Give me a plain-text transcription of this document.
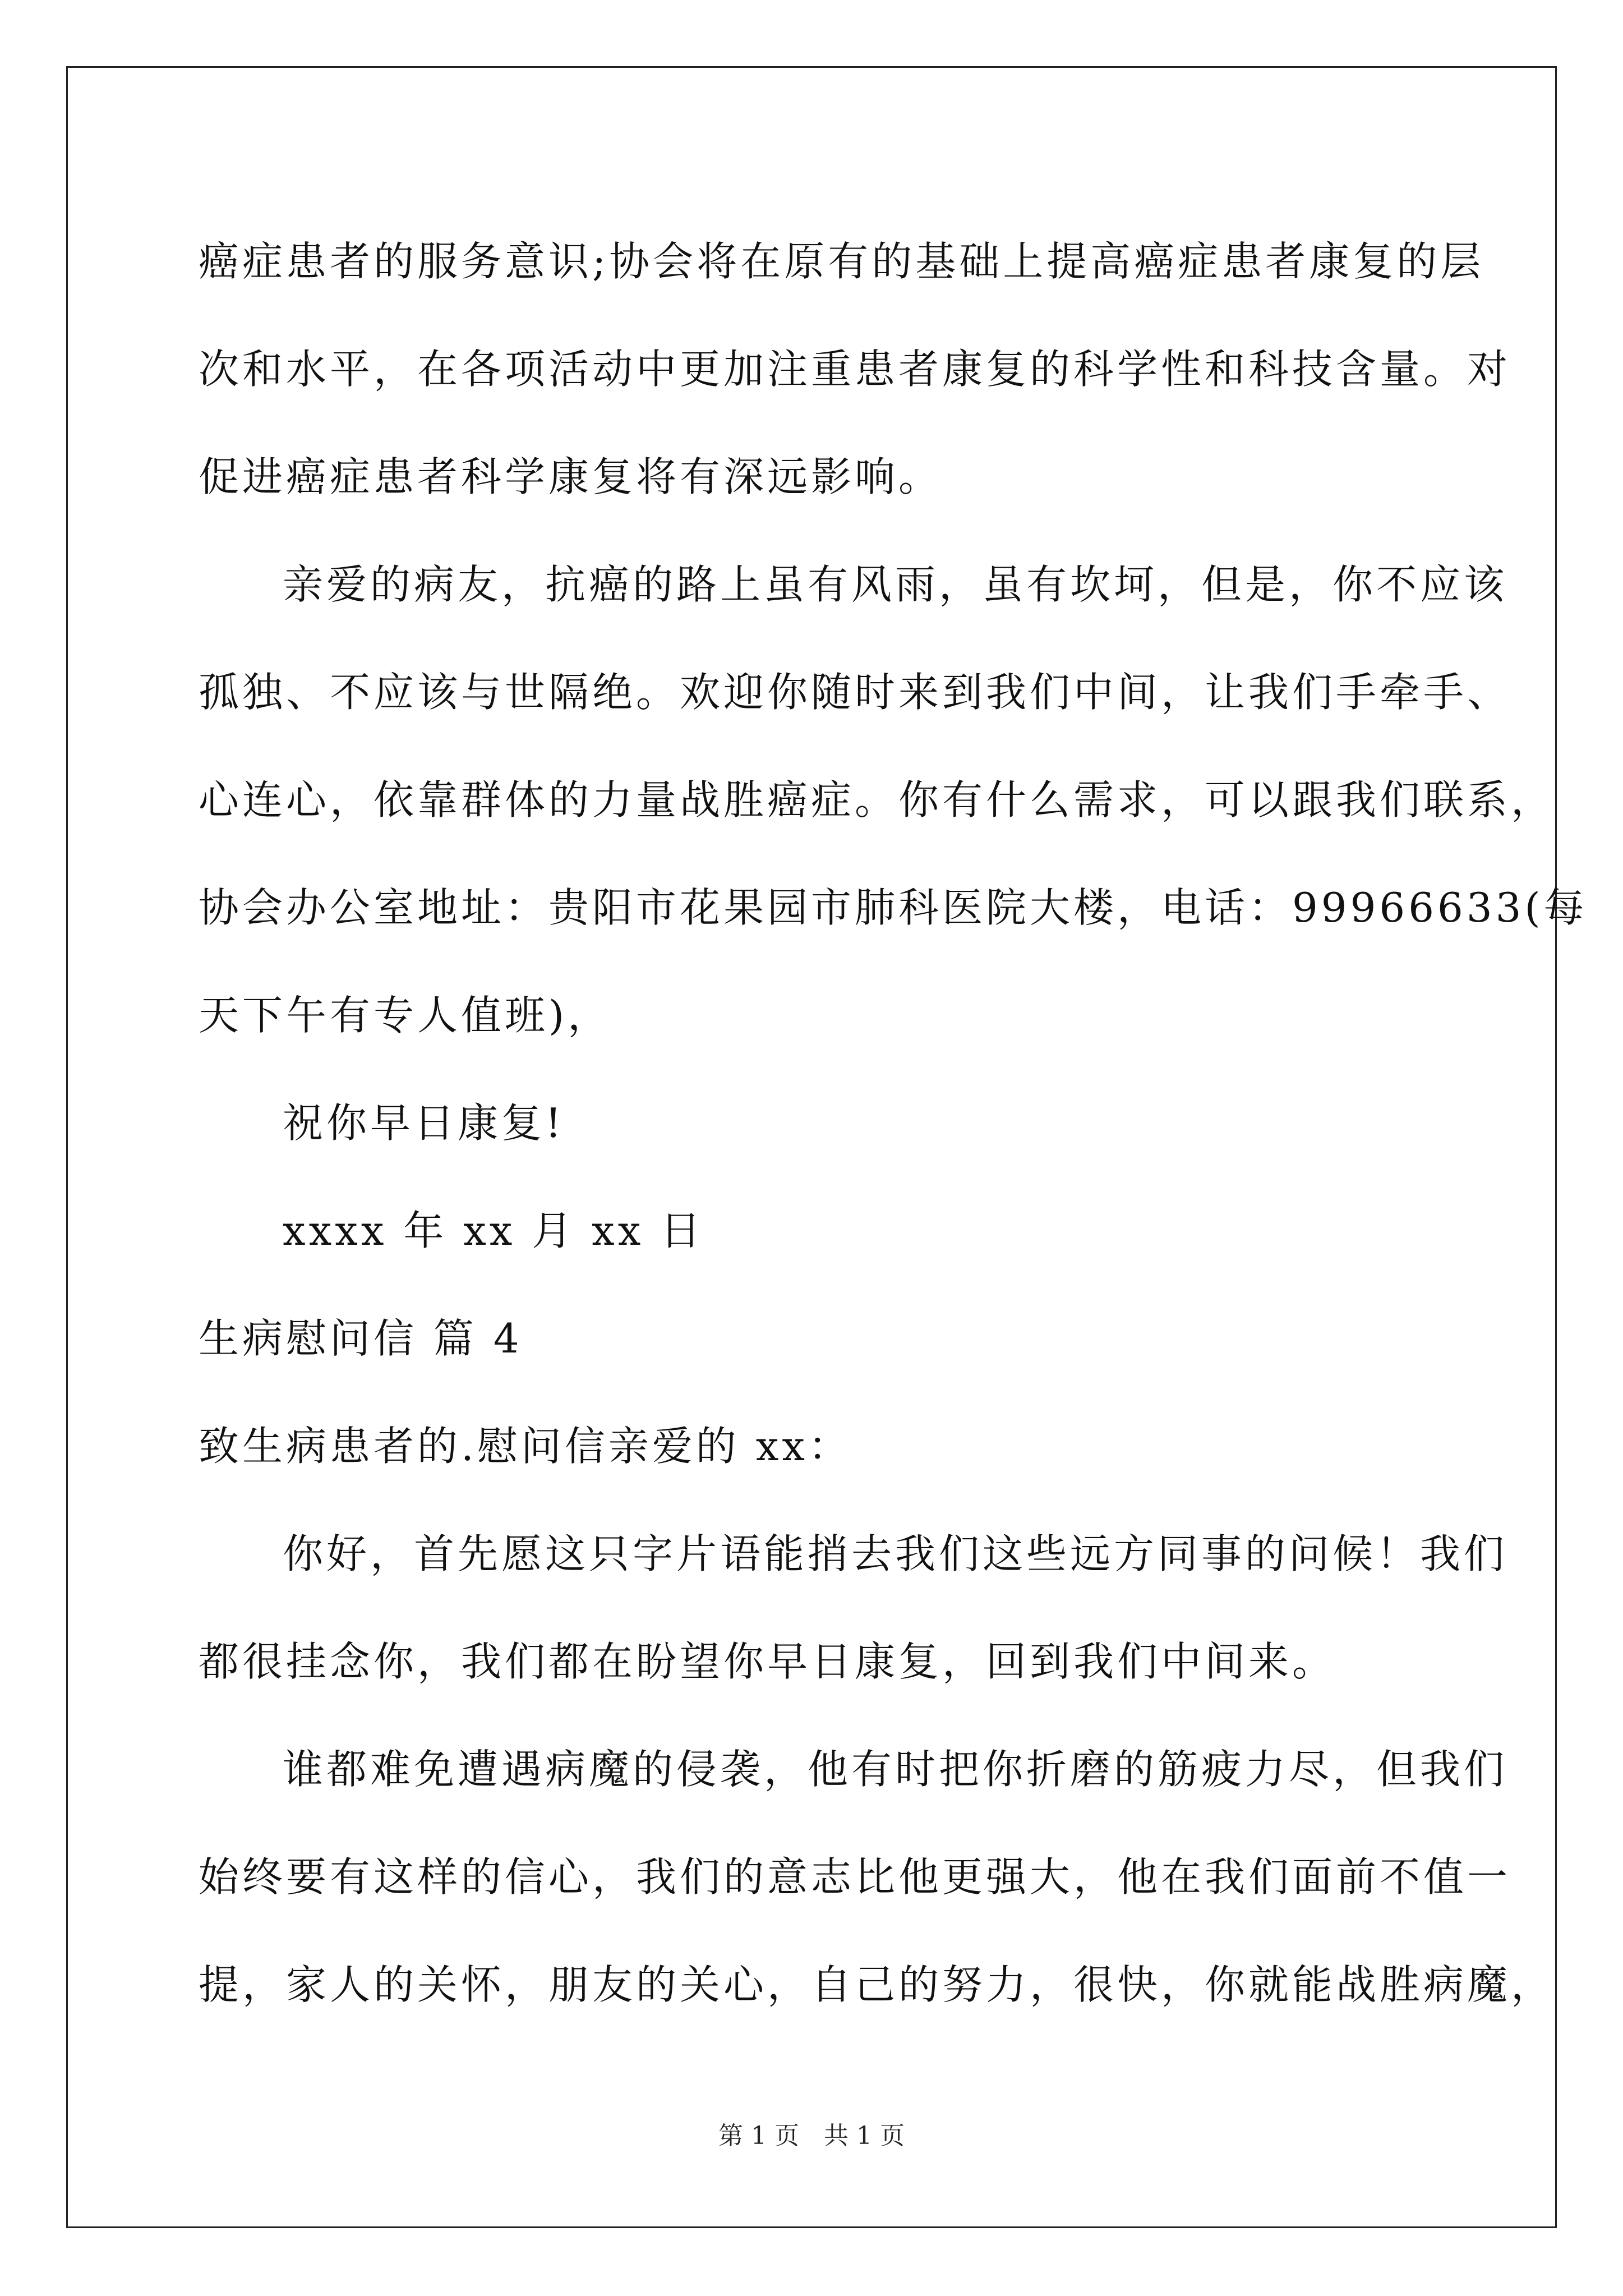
癌症患者的服务意识;协会将在原有的基础上提高癌症患者康复的层
次和水平，在各项活动中更加注重患者康复的科学性和科技含量。对
促进癌症患者科学康复将有深远影响。
亲爱的病友，抗癌的路上虽有风雨，虽有坎坷，但是，你不应该
孤独、不应该与世隔绝。欢迎你随时来到我们中间，让我们手牵手、
心连心，依靠群体的力量战胜癌症。你有什么需求，可以跟我们联系，
协会办公室地址：贵阳市花果园市肺科医院大楼，电话：99966633(每
天下午有专人值班)，
祝你早日康复!
xxxx 年 xx 月 xx 日
生病慰问信 篇 4
致生病患者的.慰问信亲爱的 xx：
你好，首先愿这只字片语能捎去我们这些远方同事的问候！我们
都很挂念你，我们都在盼望你早日康复，回到我们中间来。
谁都难免遭遇病魔的侵袭，他有时把你折磨的筋疲力尽，但我们
始终要有这样的信心，我们的意志比他更强大，他在我们面前不值一
提，家人的关怀，朋友的关心，自己的努力，很快，你就能战胜病魔，
第 1 页　共 1 页
